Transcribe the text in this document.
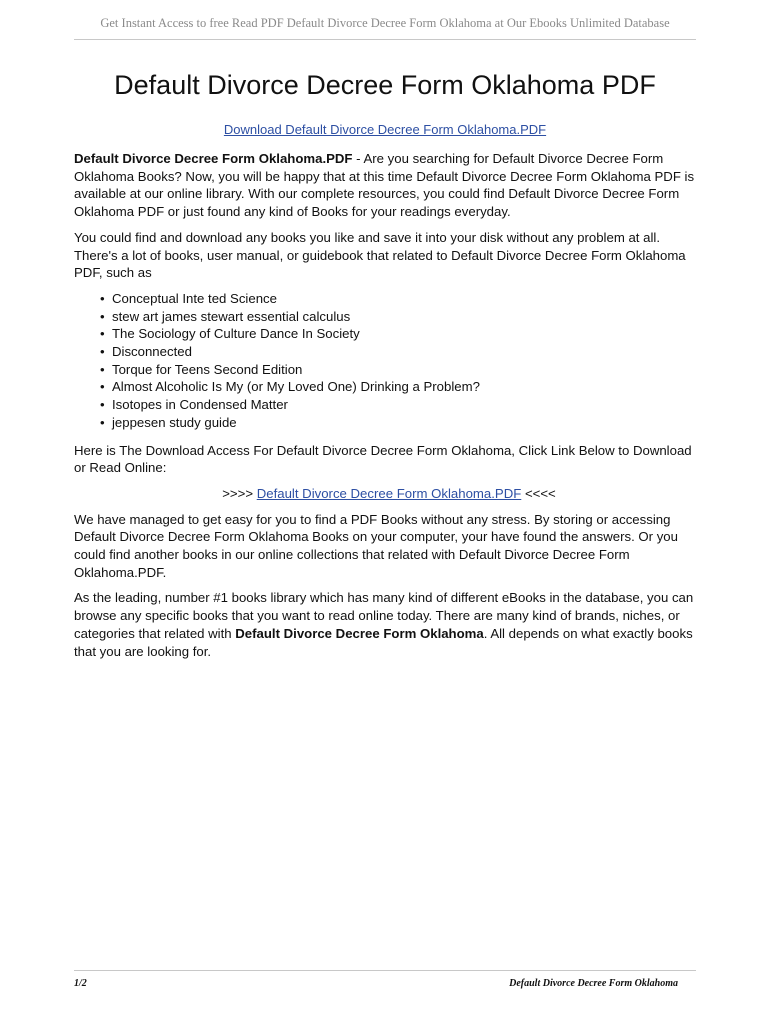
Get Instant Access to free Read PDF Default Divorce Decree Form Oklahoma at Our Ebooks Unlimited Database
Default Divorce Decree Form Oklahoma PDF
Download Default Divorce Decree Form Oklahoma.PDF

Default Divorce Decree Form Oklahoma.PDF - Are you searching for Default Divorce Decree Form Oklahoma Books? Now, you will be happy that at this time Default Divorce Decree Form Oklahoma PDF is available at our online library. With our complete resources, you could find Default Divorce Decree Form Oklahoma PDF or just found any kind of Books for your readings everyday.

You could find and download any books you like and save it into your disk without any problem at all. There's a lot of books, user manual, or guidebook that related to Default Divorce Decree Form Oklahoma PDF, such as

• Conceptual Inte ted Science
• stew art james stewart essential calculus
• The Sociology of Culture Dance In Society
• Disconnected
• Torque for Teens Second Edition
• Almost Alcoholic Is My (or My Loved One) Drinking a Problem?
• Isotopes in Condensed Matter
• jeppesen study guide

Here is The Download Access For Default Divorce Decree Form Oklahoma, Click Link Below to Download or Read Online:

>>>> Default Divorce Decree Form Oklahoma.PDF <<<<

We have managed to get easy for you to find a PDF Books without any stress. By storing or accessing Default Divorce Decree Form Oklahoma Books on your computer, your have found the answers. Or you could find another books in our online collections that related with Default Divorce Decree Form Oklahoma.PDF.

As the leading, number #1 books library which has many kind of different eBooks in the database, you can browse any specific books that you want to read online today. There are many kind of brands, niches, or categories that related with Default Divorce Decree Form Oklahoma. All depends on what exactly books that you are looking for.

1/2	Default Divorce Decree Form Oklahoma
